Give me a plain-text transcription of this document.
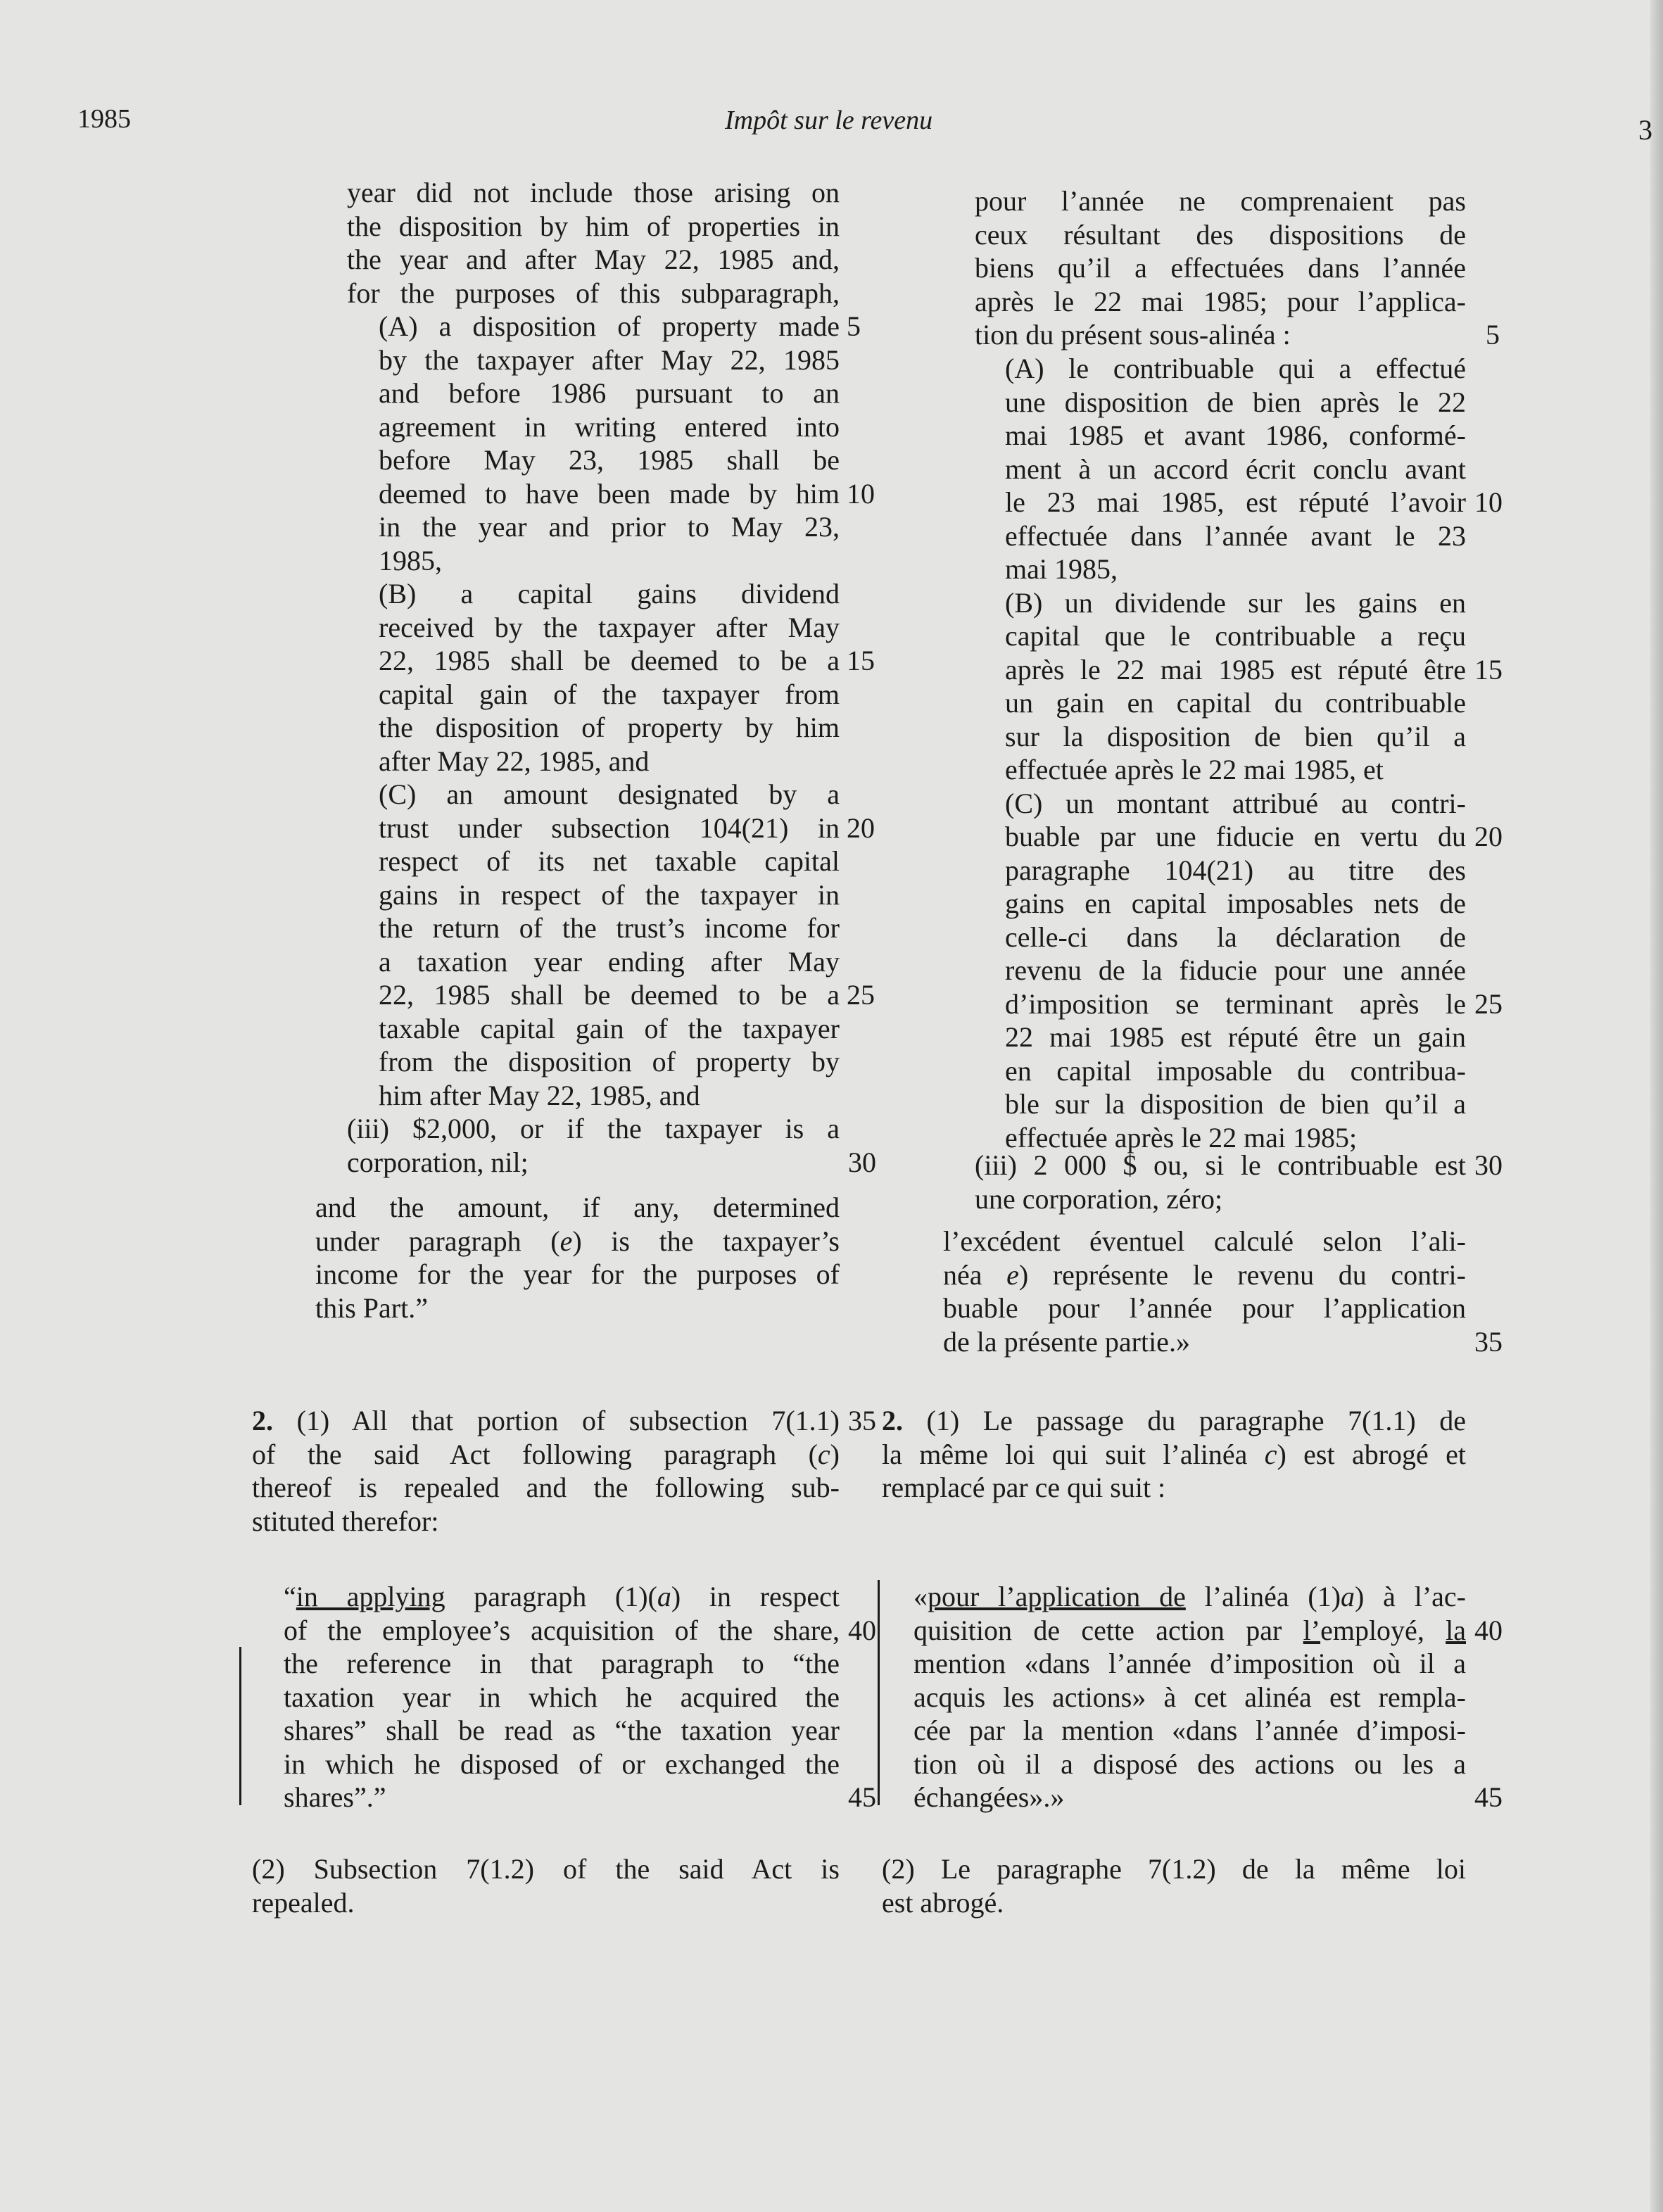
1985	Impôt sur le revenu	3
year did not include those arising on
the disposition by him of properties in
the year and after May 22, 1985 and,
for the purposes of this subparagraph,
(A) a disposition of property made 5
by the taxpayer after May 22, 1985
and before 1986 pursuant to an
agreement in writing entered into
before May 23, 1985 shall be
deemed to have been made by him 10
in the year and prior to May 23,
1985,
(B) a capital gains dividend
received by the taxpayer after May
22, 1985 shall be deemed to be a 15
capital gain of the taxpayer from
the disposition of property by him
after May 22, 1985, and
(C) an amount designated by a
trust under subsection 104(21) in 20
respect of its net taxable capital
gains in respect of the taxpayer in
the return of the trust’s income for
a taxation year ending after May
22, 1985 shall be deemed to be a 25
taxable capital gain of the taxpayer
from the disposition of property by
him after May 22, 1985, and
(iii) $2,000, or if the taxpayer is a
corporation, nil;	30
and the amount, if any, determined
under paragraph (e) is the taxpayer’s
income for the year for the purposes of
this Part.”
pour l’année ne comprenaient pas
ceux résultant des dispositions de
biens qu’il a effectuées dans l’année
après le 22 mai 1985; pour l’applica-
tion du présent sous-alinéa :	5
(A) le contribuable qui a effectué
une disposition de bien après le 22
mai 1985 et avant 1986, conformé-
ment à un accord écrit conclu avant
le 23 mai 1985, est réputé l’avoir 10
effectuée dans l’année avant le 23
mai 1985,
(B) un dividende sur les gains en
capital que le contribuable a reçu
après le 22 mai 1985 est réputé être 15
un gain en capital du contribuable
sur la disposition de bien qu’il a
effectuée après le 22 mai 1985, et
(C) un montant attribué au contri-
buable par une fiducie en vertu du 20
paragraphe 104(21) au titre des
gains en capital imposables nets de
celle-ci dans la déclaration de
revenu de la fiducie pour une année
d’imposition se terminant après le 25
22 mai 1985 est réputé être un gain
en capital imposable du contribua-
ble sur la disposition de bien qu’il a
effectuée après le 22 mai 1985;
(iii) 2 000 $ ou, si le contribuable est 30
une corporation, zéro;
l’excédent éventuel calculé selon l’ali-
néa e) représente le revenu du contri-
buable pour l’année pour l’application
de la présente partie.»	35
2. (1) All that portion of subsection 7(1.1) 35
of the said Act following paragraph (c)
thereof is repealed and the following sub-
stituted therefor:
2. (1) Le passage du paragraphe 7(1.1) de
la même loi qui suit l’alinéa c) est abrogé et
remplacé par ce qui suit :
“in applying paragraph (1)(a) in respect
of the employee’s acquisition of the share, 40
the reference in that paragraph to “the
taxation year in which he acquired the
shares” shall be read as “the taxation year
in which he disposed of or exchanged the
shares”.”	45
«pour l’application de l’alinéa (1)a) à l’ac-
quisition de cette action par l’employé, la 40
mention «dans l’année d’imposition où il a
acquis les actions» à cet alinéa est rempla-
cée par la mention «dans l’année d’imposi-
tion où il a disposé des actions ou les a
échangées».»	45
(2) Subsection 7(1.2) of the said Act is
repealed.
(2) Le paragraphe 7(1.2) de la même loi
est abrogé.
